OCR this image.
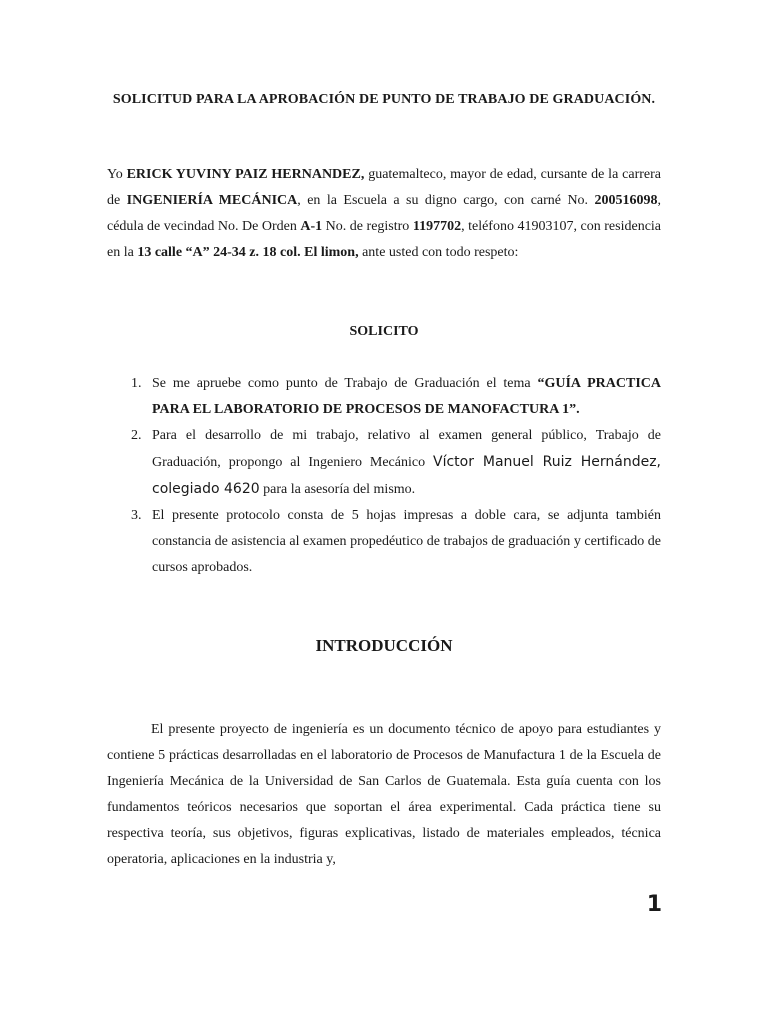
SOLICITUD PARA LA APROBACIÓN DE PUNTO DE TRABAJO DE GRADUACIÓN.
Yo ERICK YUVINY PAIZ HERNANDEZ, guatemalteco, mayor de edad, cursante de la carrera de INGENIERÍA MECÁNICA, en la Escuela a su digno cargo, con carné No. 200516098, cédula de vecindad No. De Orden A-1 No. de registro 1197702, teléfono 41903107, con residencia en la 13 calle “A” 24-34 z. 18 col. El limon, ante usted con todo respeto:
SOLICITO
1. Se me apruebe como punto de Trabajo de Graduación el tema “GUÍA PRACTICA PARA EL LABORATORIO DE PROCESOS DE MANOFACTURA 1”.
2. Para el desarrollo de mi trabajo, relativo al examen general público, Trabajo de Graduación, propongo al Ingeniero Mecánico Víctor Manuel Ruiz Hernández, colegiado 4620 para la asesoría del mismo.
3. El presente protocolo consta de 5 hojas impresas a doble cara, se adjunta también constancia de asistencia al examen propedéutico de trabajos de graduación y certificado de cursos aprobados.
INTRODUCCIÓN
El presente proyecto de ingeniería es un documento técnico de apoyo para estudiantes y contiene 5 prácticas desarrolladas en el laboratorio de Procesos de Manufactura 1 de la Escuela de Ingeniería Mecánica de la Universidad de San Carlos de Guatemala. Esta guía cuenta con los fundamentos teóricos necesarios que soportan el área experimental. Cada práctica tiene su respectiva teoría, sus objetivos, figuras explicativas, listado de materiales empleados, técnica operatoria, aplicaciones en la industria y,
1
